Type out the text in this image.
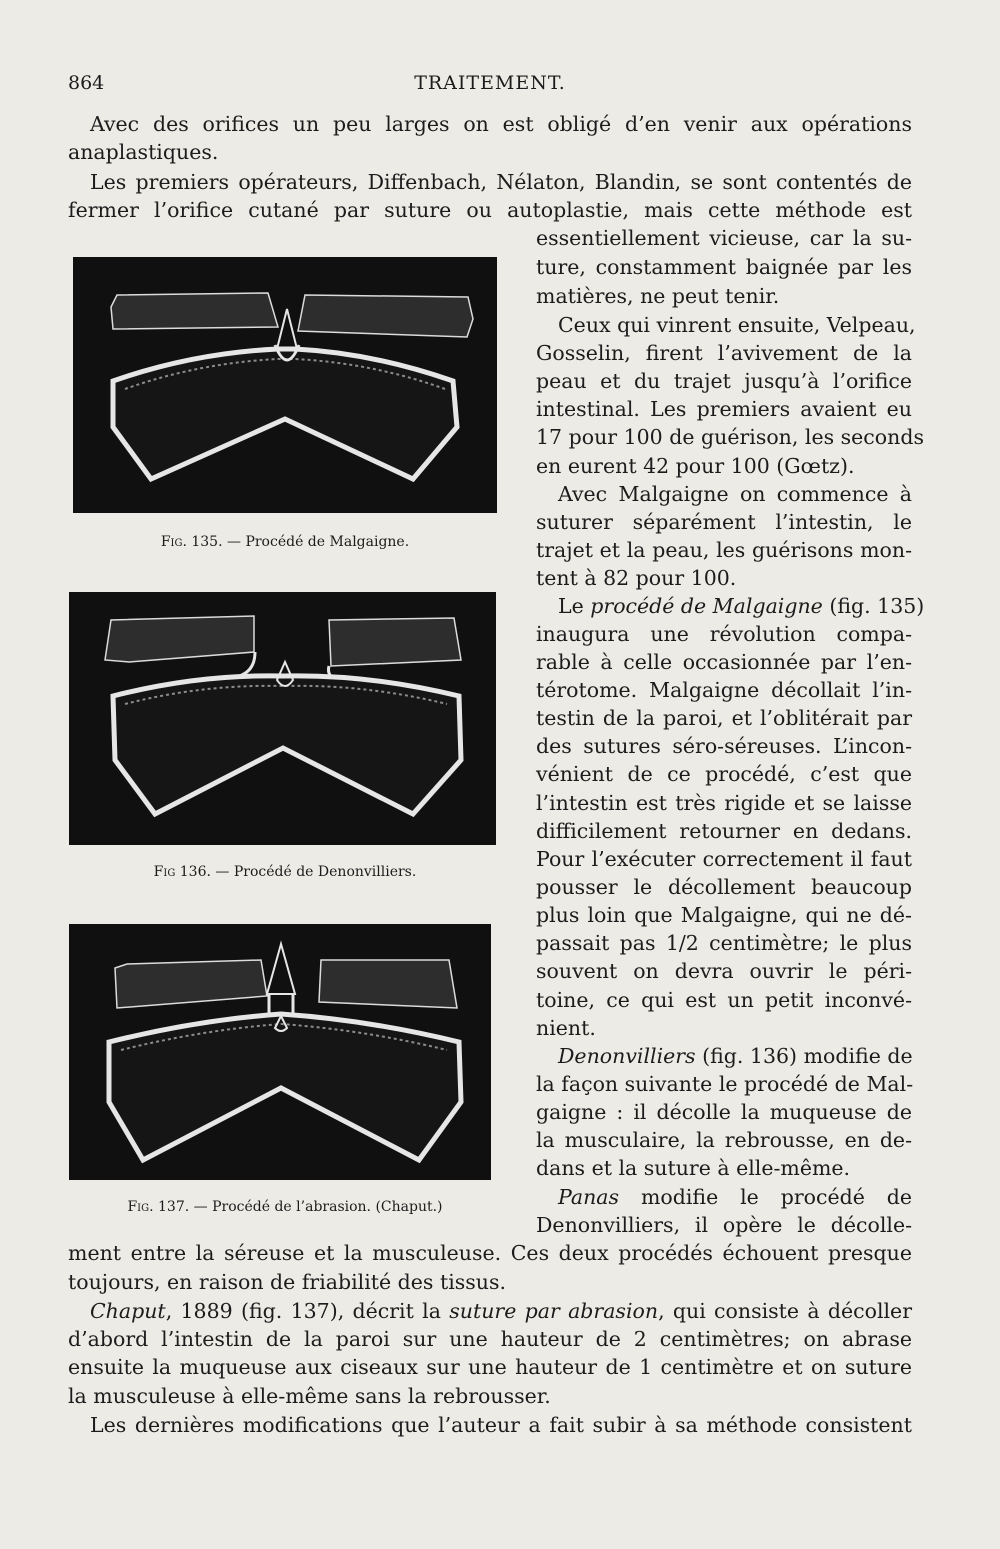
864	TRAITEMENT.
Avec des orifices un peu larges on est obligé d’en venir aux opérations
anaplastiques.
Les premiers opérateurs, Diffenbach, Nélaton, Blandin, se sont contentés de
fermer l’orifice cutané par suture ou autoplastie, mais cette méthode est
essentiellement vicieuse, car la su-
ture, constamment baignée par les
matières, ne peut tenir.
Ceux qui vinrent ensuite, Velpeau,
Gosselin, firent l’avivement de la
peau et du trajet jusqu’à l’orifice
intestinal. Les premiers avaient eu
17 pour 100 de guérison, les seconds
en eurent 42 pour 100 (Gœtz).
Avec Malgaigne on commence à
suturer séparément l’intestin, le
trajet et la peau, les guérisons mon-
tent à 82 pour 100.
Le procédé de Malgaigne (fig. 135)
inaugura une révolution compa-
rable à celle occasionnée par l’en-
térotome. Malgaigne décollait l’in-
testin de la paroi, et l’oblitérait par
des sutures séro-séreuses. L’incon-
vénient de ce procédé, c’est que
l’intestin est très rigide et se laisse
difficilement retourner en dedans.
Pour l’exécuter correctement il faut
pousser le décollement beaucoup
plus loin que Malgaigne, qui ne dé-
passait pas 1/2 centimètre; le plus
souvent on devra ouvrir le péri-
toine, ce qui est un petit inconvé-
nient.
Denonvilliers (fig. 136) modifie de
la façon suivante le procédé de Mal-
gaigne : il décolle la muqueuse de
la musculaire, la rebrousse, en de-
dans et la suture à elle-même.
Panas modifie le procédé de
Denonvilliers, il opère le décolle-
ment entre la séreuse et la musculeuse. Ces deux procédés échouent presque
toujours, en raison de friabilité des tissus.
Chaput, 1889 (fig. 137), décrit la suture par abrasion, qui consiste à décoller
d’abord l’intestin de la paroi sur une hauteur de 2 centimètres; on abrase
ensuite la muqueuse aux ciseaux sur une hauteur de 1 centimètre et on suture
la musculeuse à elle-même sans la rebrousser.
Les dernières modifications que l’auteur a fait subir à sa méthode consistent
Fig. 135. — Procédé de Malgaigne.
Fig 136. — Procédé de Denonvilliers.
Fig. 137. — Procédé de l’abrasion. (Chaput.)
